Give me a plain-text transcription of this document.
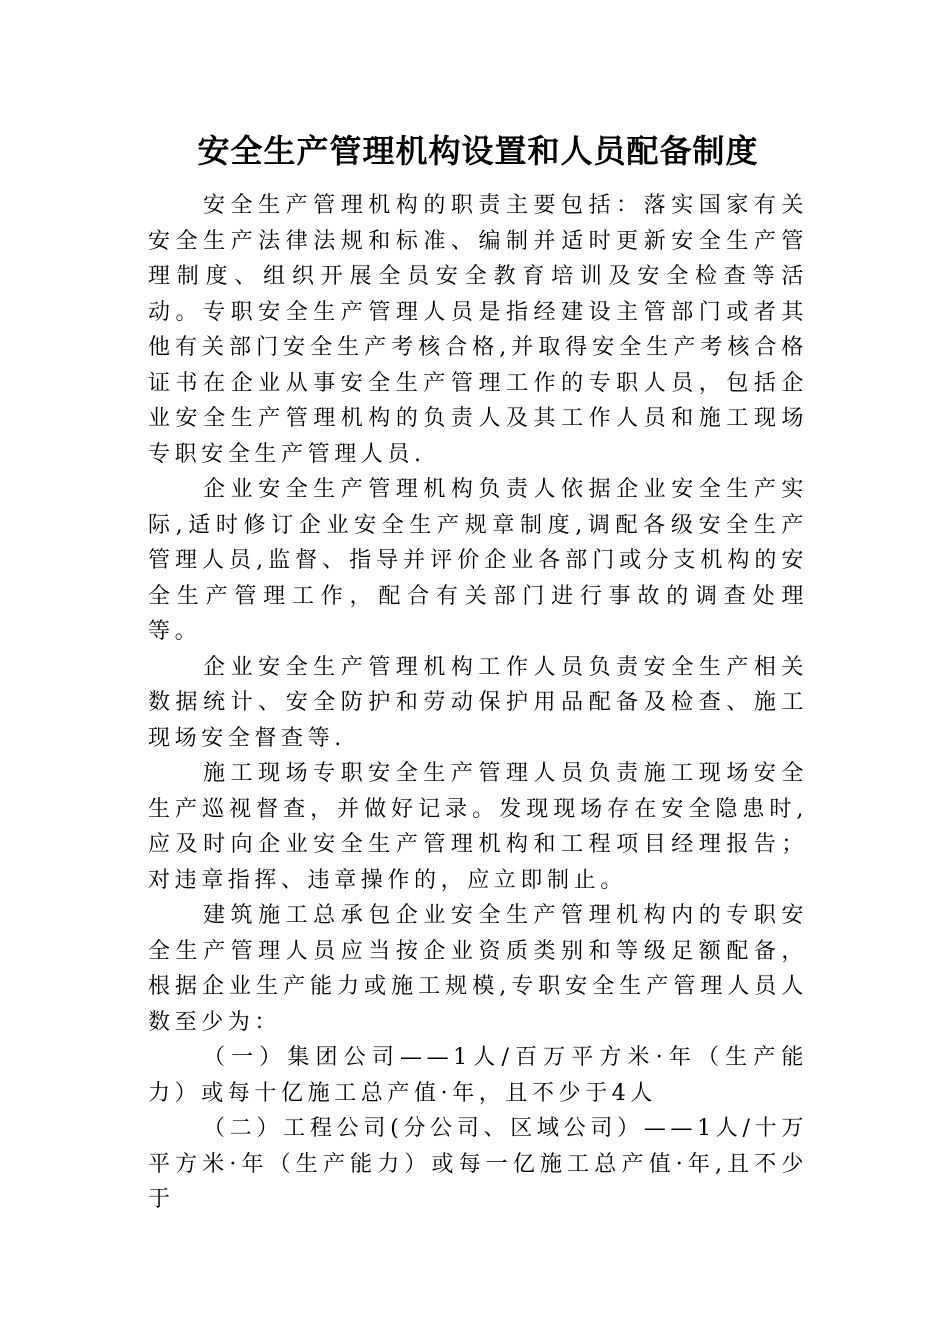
安全生产管理机构设置和人员配备制度

安全生产管理机构的职责主要包括：落实国家有关安全生产法律法规和标准、编制并适时更新安全生产管理制度、组织开展全员安全教育培训及安全检查等活动。专职安全生产管理人员是指经建设主管部门或者其他有关部门安全生产考核合格,并取得安全生产考核合格证书在企业从事安全生产管理工作的专职人员，包括企业安全生产管理机构的负责人及其工作人员和施工现场专职安全生产管理人员.

企业安全生产管理机构负责人依据企业安全生产实际,适时修订企业安全生产规章制度,调配各级安全生产管理人员,监督、指导并评价企业各部门或分支机构的安全生产管理工作，配合有关部门进行事故的调查处理等。

企业安全生产管理机构工作人员负责安全生产相关数据统计、安全防护和劳动保护用品配备及检查、施工现场安全督查等.

施工现场专职安全生产管理人员负责施工现场安全生产巡视督查，并做好记录。发现现场存在安全隐患时,应及时向企业安全生产管理机构和工程项目经理报告；对违章指挥、违章操作的，应立即制止。

建筑施工总承包企业安全生产管理机构内的专职安全生产管理人员应当按企业资质类别和等级足额配备，根据企业生产能力或施工规模,专职安全生产管理人员人数至少为：

（一）集团公司——1人/百万平方米·年（生产能力）或每十亿施工总产值·年，且不少于4人

（二）工程公司(分公司、区域公司）——1人/十万平方米·年（生产能力）或每一亿施工总产值·年,且不少于
